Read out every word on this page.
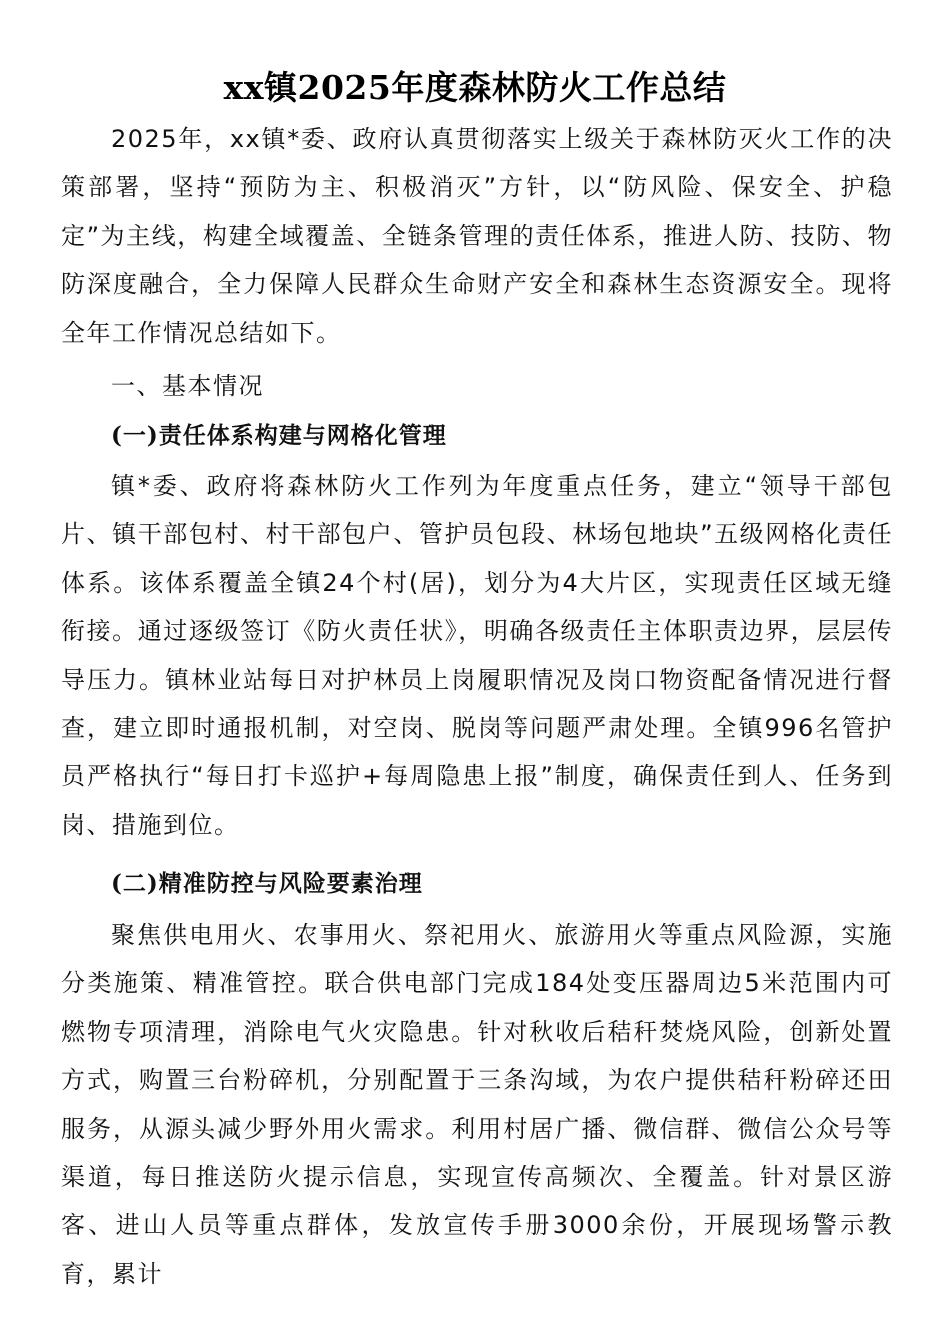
xx镇2025年度森林防火工作总结

2025年，xx镇*委、政府认真贯彻落实上级关于森林防灭火工作的决策部署，坚持“预防为主、积极消灭”方针，以“防风险、保安全、护稳定”为主线，构建全域覆盖、全链条管理的责任体系，推进人防、技防、物防深度融合，全力保障人民群众生命财产安全和森林生态资源安全。现将全年工作情况总结如下。

一、基本情况
(一)责任体系构建与网格化管理

镇*委、政府将森林防火工作列为年度重点任务，建立“领导干部包片、镇干部包村、村干部包户、管护员包段、林场包地块”五级网格化责任体系。该体系覆盖全镇24个村(居)，划分为4大片区，实现责任区域无缝衔接。通过逐级签订《防火责任状》，明确各级责任主体职责边界，层层传导压力。镇林业站每日对护林员上岗履职情况及岗口物资配备情况进行督查，建立即时通报机制，对空岗、脱岗等问题严肃处理。全镇996名管护员严格执行“每日打卡巡护+每周隐患上报”制度，确保责任到人、任务到岗、措施到位。

(二)精准防控与风险要素治理

聚焦供电用火、农事用火、祭祀用火、旅游用火等重点风险源，实施分类施策、精准管控。联合供电部门完成184处变压器周边5米范围内可燃物专项清理，消除电气火灾隐患。针对秋收后秸秆焚烧风险，创新处置方式，购置三台粉碎机，分别配置于三条沟域，为农户提供秸秆粉碎还田服务，从源头减少野外用火需求。利用村居广播、微信群、微信公众号等渠道，每日推送防火提示信息，实现宣传高频次、全覆盖。针对景区游客、进山人员等重点群体，发放宣传手册3000余份，开展现场警示教育，累计
